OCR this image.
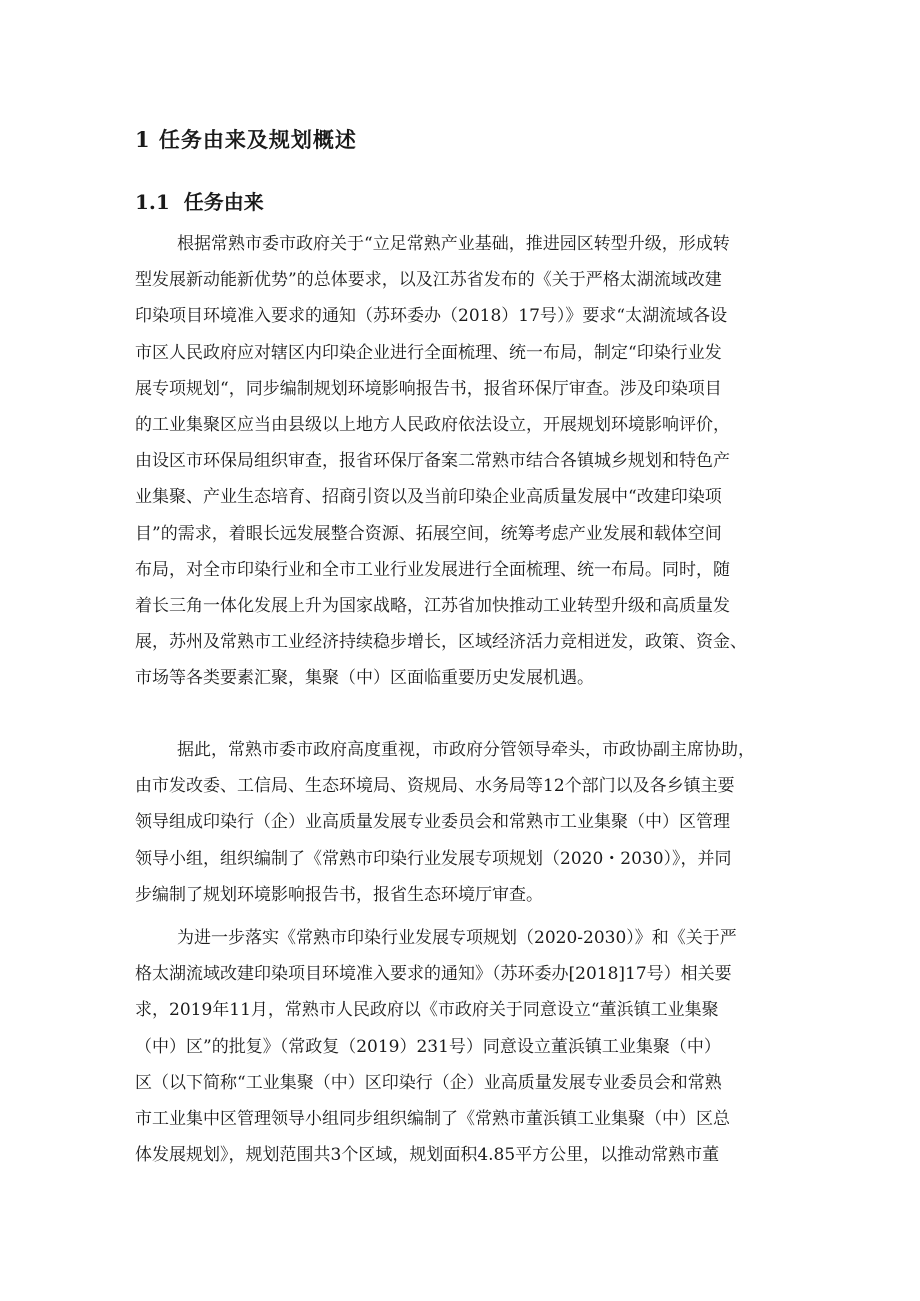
1 任务由来及规划概述
1.1 任务由来
根据常熟市委市政府关于“立足常熟产业基础，推进园区转型升级，形成转
型发展新动能新优势”的总体要求，以及江苏省发布的《关于严格太湖流域改建
印染项目环境准入要求的通知（苏环委办（2018）17号）》要求“太湖流域各设
市区人民政府应对辖区内印染企业进行全面梳理、统一布局，制定“印染行业发
展专项规划“，同步编制规划环境影响报告书，报省环保厅审查。涉及印染项目
的工业集聚区应当由县级以上地方人民政府依法设立，开展规划环境影响评价，
由设区市环保局组织审查，报省环保厅备案二常熟市结合各镇城乡规划和特色产
业集聚、产业生态培育、招商引资以及当前印染企业高质量发展中“改建印染项
目”的需求，着眼长远发展整合资源、拓展空间，统筹考虑产业发展和载体空间
布局，对全市印染行业和全市工业行业发展进行全面梳理、统一布局。同时，随
着长三角一体化发展上升为国家战略，江苏省加快推动工业转型升级和高质量发
展，苏州及常熟市工业经济持续稳步增长，区域经济活力竞相迸发，政策、资金、
市场等各类要素汇聚，集聚（中）区面临重要历史发展机遇。
据此，常熟市委市政府高度重视，市政府分管领导牵头，市政协副主席协助，
由市发改委、工信局、生态环境局、资规局、水务局等12个部门以及各乡镇主要
领导组成印染行（企）业高质量发展专业委员会和常熟市工业集聚（中）区管理
领导小组，组织编制了《常熟市印染行业发展专项规划（2020・2030）》，并同
步编制了规划环境影响报告书，报省生态环境厅审查。
为进一步落实《常熟市印染行业发展专项规划（2020-2030）》和《关于严
格太湖流域改建印染项目环境准入要求的通知》（苏环委办[2018]17号）相关要
求，2019年11月，常熟市人民政府以《市政府关于同意设立“董浜镇工业集聚
（中）区”的批复》（常政复（2019）231号）同意设立董浜镇工业集聚（中）
区（以下简称“工业集聚（中）区印染行（企）业高质量发展专业委员会和常熟
市工业集中区管理领导小组同步组织编制了《常熟市董浜镇工业集聚（中）区总
体发展规划》，规划范围共3个区域，规划面积4.85平方公里，以推动常熟市董
